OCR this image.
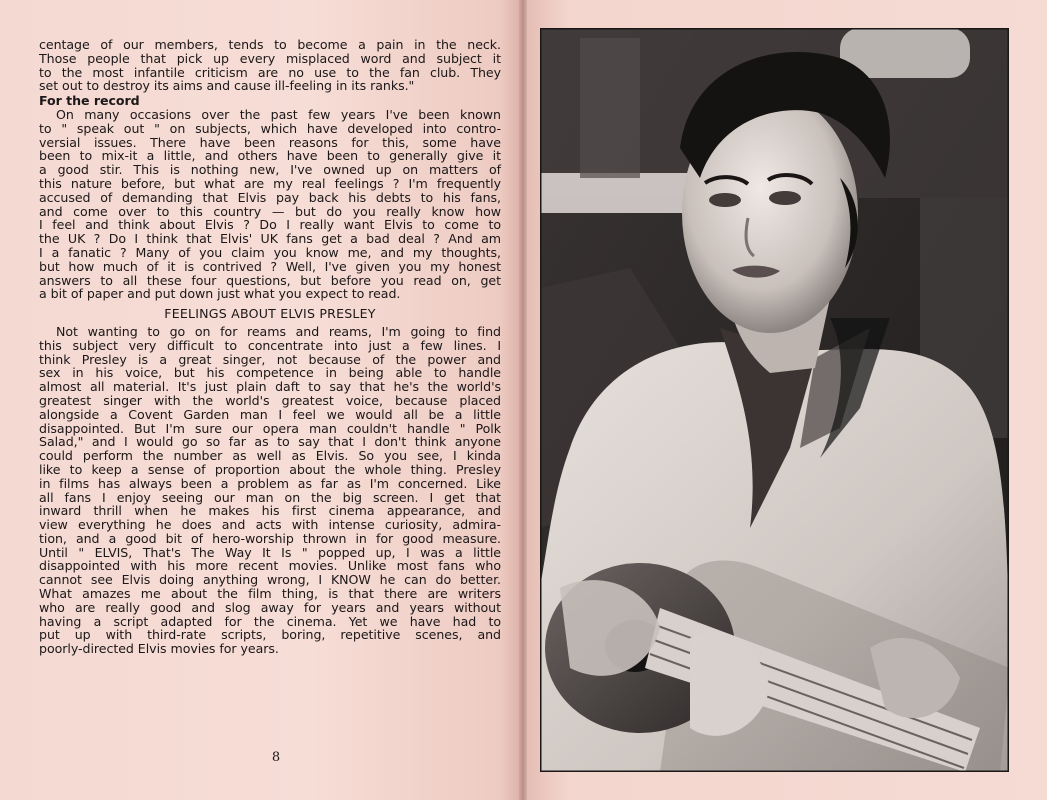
centage of our members, tends to become a pain in the neck.
Those people that pick up every misplaced word and subject it
to the most infantile criticism are no use to the fan club. They
set out to destroy its aims and cause ill-feeling in its ranks."
For the record
On many occasions over the past few years I've been known
to " speak out " on subjects, which have developed into contro-
versial issues. There have been reasons for this, some have
been to mix-it a little, and others have been to generally give it
a good stir. This is nothing new, I've owned up on matters of
this nature before, but what are my real feelings ? I'm frequently
accused of demanding that Elvis pay back his debts to his fans,
and come over to this country — but do you really know how
I feel and think about Elvis ? Do I really want Elvis to come to
the UK ? Do I think that Elvis' UK fans get a bad deal ? And am
I a fanatic ? Many of you claim you know me, and my thoughts,
but how much of it is contrived ? Well, I've given you my honest
answers to all these four questions, but before you read on, get
a bit of paper and put down just what you expect to read.
FEELINGS ABOUT ELVIS PRESLEY
Not wanting to go on for reams and reams, I'm going to find
this subject very difficult to concentrate into just a few lines. I
think Presley is a great singer, not because of the power and
sex in his voice, but his competence in being able to handle
almost all material. It's just plain daft to say that he's the world's
greatest singer with the world's greatest voice, because placed
alongside a Covent Garden man I feel we would all be a little
disappointed. But I'm sure our opera man couldn't handle " Polk
Salad," and I would go so far as to say that I don't think anyone
could perform the number as well as Elvis. So you see, I kinda
like to keep a sense of proportion about the whole thing. Presley
in films has always been a problem as far as I'm concerned. Like
all fans I enjoy seeing our man on the big screen. I get that
inward thrill when he makes his first cinema appearance, and
view everything he does and acts with intense curiosity, admira-
tion, and a good bit of hero-worship thrown in for good measure.
Until " ELVIS, That's The Way It Is " popped up, I was a little
disappointed with his more recent movies. Unlike most fans who
cannot see Elvis doing anything wrong, I KNOW he can do better.
What amazes me about the film thing, is that there are writers
who are really good and slog away for years and years without
having a script adapted for the cinema. Yet we have had to
put up with third-rate scripts, boring, repetitive scenes, and
poorly-directed Elvis movies for years.
8
